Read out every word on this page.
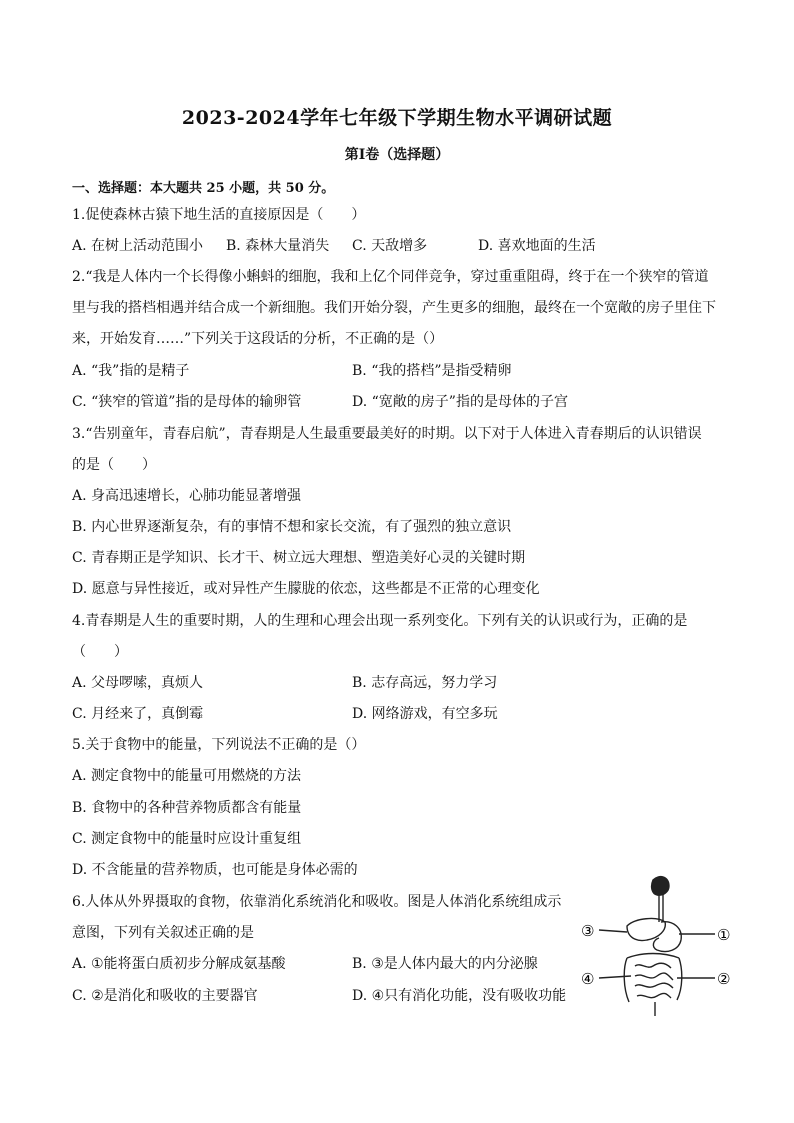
2023-2024学年七年级下学期生物水平调研试题
第Ⅰ卷（选择题）
一、选择题：本大题共 25 小题，共 50 分。
1.促使森林古猿下地生活的直接原因是（　　）
A. 在树上活动范围小 B. 森林大量消失 C. 天敌增多	D. 喜欢地面的生活
2.“我是人体内一个长得像小蝌蚪的细胞，我和上亿个同伴竞争，穿过重重阻碍，终于在一个狭窄的管道
里与我的搭档相遇并结合成一个新细胞。我们开始分裂，产生更多的细胞，最终在一个宽敞的房子里住下
来，开始发育……”下列关于这段话的分析，不正确的是（）
A. “我”指的是精子	B. “我的搭档”是指受精卵
C. “狭窄的管道”指的是母体的输卵管	D. “宽敞的房子”指的是母体的子宫
3.“告别童年，青春启航”，青春期是人生最重要最美好的时期。以下对于人体进入青春期后的认识错误
的是（　　）
A. 身高迅速增长，心肺功能显著增强
B. 内心世界逐渐复杂，有的事情不想和家长交流，有了强烈的独立意识
C. 青春期正是学知识、长才干、树立远大理想、塑造美好心灵的关键时期
D. 愿意与异性接近，或对异性产生朦胧的依恋，这些都是不正常的心理变化
4.青春期是人生的重要时期，人的生理和心理会出现一系列变化。下列有关的认识或行为，正确的是
（　　）
A. 父母啰嗦，真烦人	B. 志存高远，努力学习
C. 月经来了，真倒霉	D. 网络游戏，有空多玩
5.关于食物中的能量，下列说法不正确的是（）
A. 测定食物中的能量可用燃烧的方法
B. 食物中的各种营养物质都含有能量
C. 测定食物中的能量时应设计重复组
D. 不含能量的营养物质，也可能是身体必需的
6.人体从外界摄取的食物，依靠消化系统消化和吸收。图是人体消化系统组成示
意图，下列有关叙述正确的是
A. ①能将蛋白质初步分解成氨基酸	B. ③是人体内最大的内分泌腺
C. ②是消化和吸收的主要器官	D. ④只有消化功能，没有吸收功能
③	①
④	②
